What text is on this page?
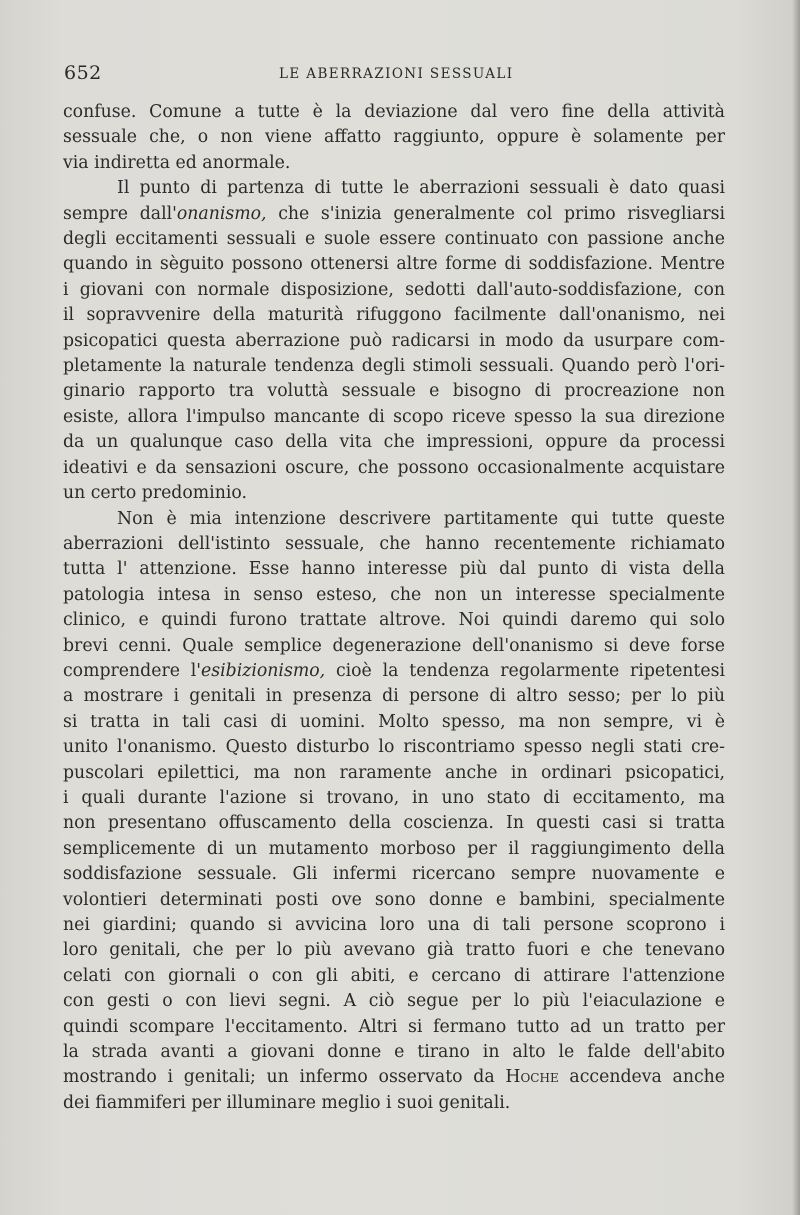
652	LE ABERRAZIONI SESSUALI
confuse. Comune a tutte è la deviazione dal vero fine della attività
sessuale che, o non viene affatto raggiunto, oppure è solamente per
via indiretta ed anormale.
Il punto di partenza di tutte le aberrazioni sessuali è dato quasi
sempre dall'onanismo, che s'inizia generalmente col primo risvegliarsi
degli eccitamenti sessuali e suole essere continuato con passione anche
quando in sèguito possono ottenersi altre forme di soddisfazione. Mentre
i giovani con normale disposizione, sedotti dall'auto-soddisfazione, con
il sopravvenire della maturità rifuggono facilmente dall'onanismo, nei
psicopatici questa aberrazione può radicarsi in modo da usurpare com-
pletamente la naturale tendenza degli stimoli sessuali. Quando però l'ori-
ginario rapporto tra voluttà sessuale e bisogno di procreazione non
esiste, allora l'impulso mancante di scopo riceve spesso la sua direzione
da un qualunque caso della vita che impressioni, oppure da processi
ideativi e da sensazioni oscure, che possono occasionalmente acquistare
un certo predominio.
Non è mia intenzione descrivere partitamente qui tutte queste
aberrazioni dell'istinto sessuale, che hanno recentemente richiamato
tutta l' attenzione. Esse hanno interesse più dal punto di vista della
patologia intesa in senso esteso, che non un interesse specialmente
clinico, e quindi furono trattate altrove. Noi quindi daremo qui solo
brevi cenni. Quale semplice degenerazione dell'onanismo si deve forse
comprendere l'esibizionismo, cioè la tendenza regolarmente ripetentesi
a mostrare i genitali in presenza di persone di altro sesso; per lo più
si tratta in tali casi di uomini. Molto spesso, ma non sempre, vi è
unito l'onanismo. Questo disturbo lo riscontriamo spesso negli stati cre-
puscolari epilettici, ma non raramente anche in ordinari psicopatici,
i quali durante l'azione si trovano, in uno stato di eccitamento, ma
non presentano offuscamento della coscienza. In questi casi si tratta
semplicemente di un mutamento morboso per il raggiungimento della
soddisfazione sessuale. Gli infermi ricercano sempre nuovamente e
volontieri determinati posti ove sono donne e bambini, specialmente
nei giardini; quando si avvicina loro una di tali persone scoprono i
loro genitali, che per lo più avevano già tratto fuori e che tenevano
celati con giornali o con gli abiti, e cercano di attirare l'attenzione
con gesti o con lievi segni. A ciò segue per lo più l'eiaculazione e
quindi scompare l'eccitamento. Altri si fermano tutto ad un tratto per
la strada avanti a giovani donne e tirano in alto le falde dell'abito
mostrando i genitali; un infermo osservato da Hoche accendeva anche
dei fiammiferi per illuminare meglio i suoi genitali.
